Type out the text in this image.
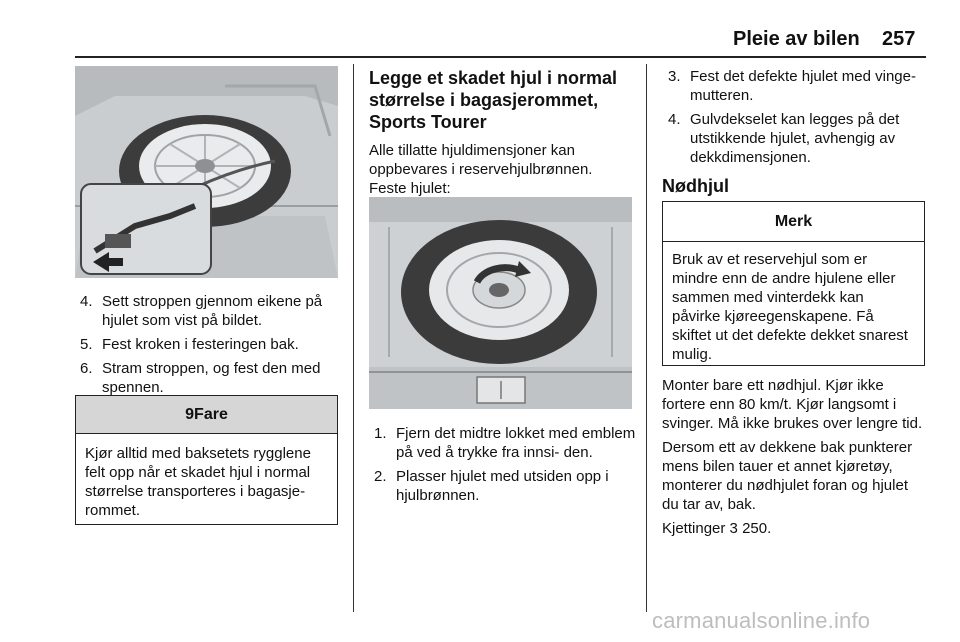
Pleie av bilen 257
4. Sett stroppen gjennom eikene på hjulet som vist på bildet.
5. Fest kroken i festeringen bak.
6. Stram stroppen, og fest den med spennen.
9Fare
Kjør alltid med baksetets rygglene felt opp når et skadet hjul i normal størrelse transporteres i bagasje- rommet.
Legge et skadet hjul i normal størrelse i bagasjerommet, Sports Tourer

Alle tillatte hjuldimensjoner kan oppbevares i reservehjulbrønnen. Feste hjulet:

1. Fjern det midtre lokket med emblem på ved å trykke fra innsi- den.
2. Plasser hjulet med utsiden opp i hjulbrønnen.
3. Fest det defekte hjulet med vinge- mutteren.
4. Gulvdekselet kan legges på det utstikkende hjulet, avhengig av dekkdimensjonen.
Nødhjul
Merk
Bruk av et reservehjul som er mindre enn de andre hjulene eller sammen med vinterdekk kan påvirke kjøreegenskapene. Få skiftet ut det defekte dekket snarest mulig.

Monter bare ett nødhjul. Kjør ikke fortere enn 80 km/t. Kjør langsomt i svinger. Må ikke brukes over lengre tid.

Dersom ett av dekkene bak punkterer mens bilen tauer et annet kjøretøy, monterer du nødhjulet foran og hjulet du tar av, bak.

Kjettinger 3 250.

carmanualsonline.info
